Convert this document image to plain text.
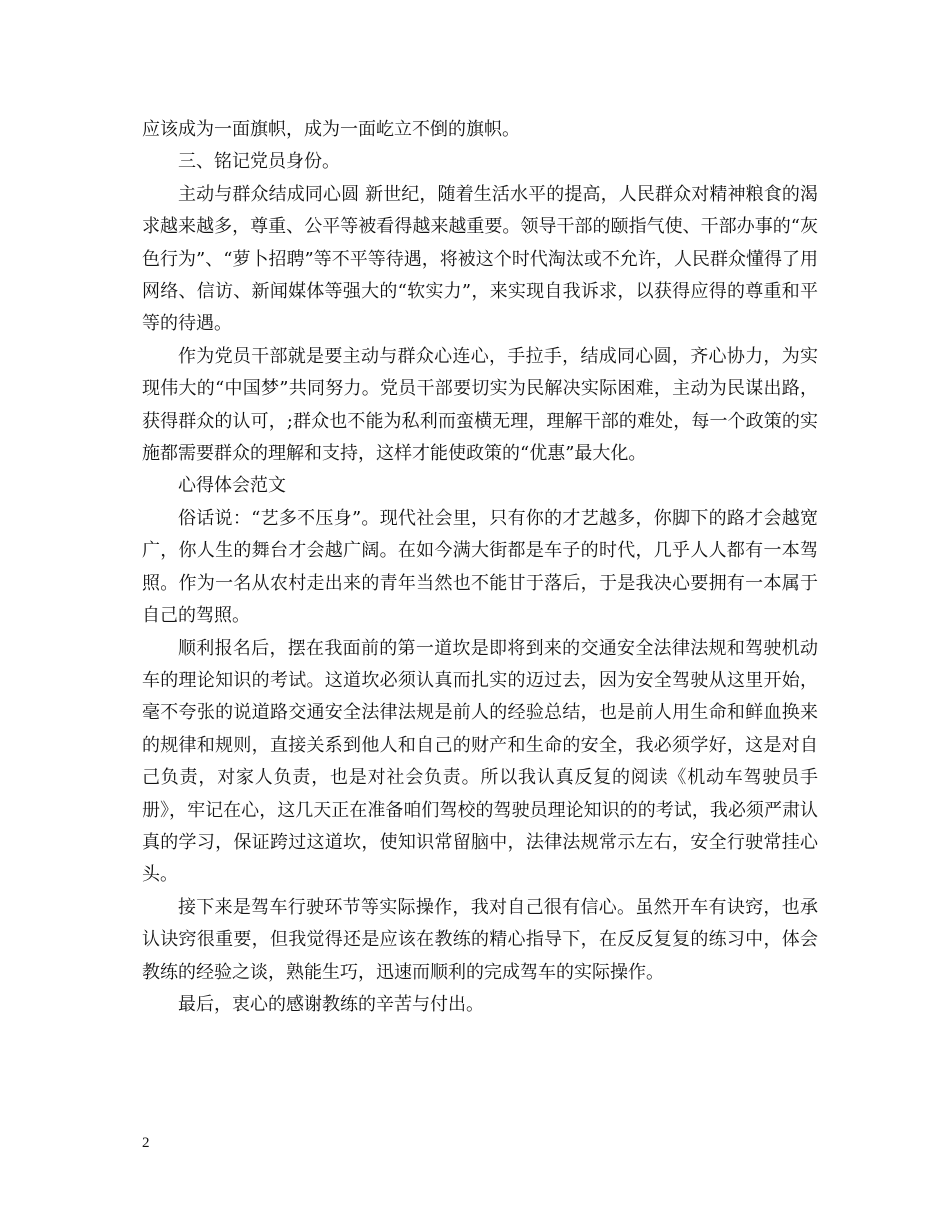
应该成为一面旗帜，成为一面屹立不倒的旗帜。

三、铭记党员身份。

主动与群众结成同心圆 新世纪，随着生活水平的提高，人民群众对精神粮食的渴求越来越多，尊重、公平等被看得越来越重要。领导干部的颐指气使、干部办事的“灰色行为”、“萝卜招聘”等不平等待遇，将被这个时代淘汰或不允许，人民群众懂得了用网络、信访、新闻媒体等强大的“软实力”，来实现自我诉求，以获得应得的尊重和平等的待遇。

作为党员干部就是要主动与群众心连心，手拉手，结成同心圆，齐心协力，为实现伟大的“中国梦”共同努力。党员干部要切实为民解决实际困难，主动为民谋出路，获得群众的认可，;群众也不能为私利而蛮横无理，理解干部的难处，每一个政策的实施都需要群众的理解和支持，这样才能使政策的“优惠”最大化。

心得体会范文

俗话说：“艺多不压身”。现代社会里，只有你的才艺越多，你脚下的路才会越宽广，你人生的舞台才会越广阔。在如今满大街都是车子的时代，几乎人人都有一本驾照。作为一名从农村走出来的青年当然也不能甘于落后，于是我决心要拥有一本属于自己的驾照。

顺利报名后，摆在我面前的第一道坎是即将到来的交通安全法律法规和驾驶机动车的理论知识的考试。这道坎必须认真而扎实的迈过去，因为安全驾驶从这里开始，毫不夸张的说道路交通安全法律法规是前人的经验总结，也是前人用生命和鲜血换来的规律和规则，直接关系到他人和自己的财产和生命的安全，我必须学好，这是对自己负责，对家人负责，也是对社会负责。所以我认真反复的阅读《机动车驾驶员手册》，牢记在心，这几天正在准备咱们驾校的驾驶员理论知识的的考试，我必须严肃认真的学习，保证跨过这道坎，使知识常留脑中，法律法规常示左右，安全行驶常挂心头。

接下来是驾车行驶环节等实际操作，我对自己很有信心。虽然开车有诀窍，也承认诀窍很重要，但我觉得还是应该在教练的精心指导下，在反反复复的练习中，体会教练的经验之谈，熟能生巧，迅速而顺利的完成驾车的实际操作。

最后，衷心的感谢教练的辛苦与付出。

2
